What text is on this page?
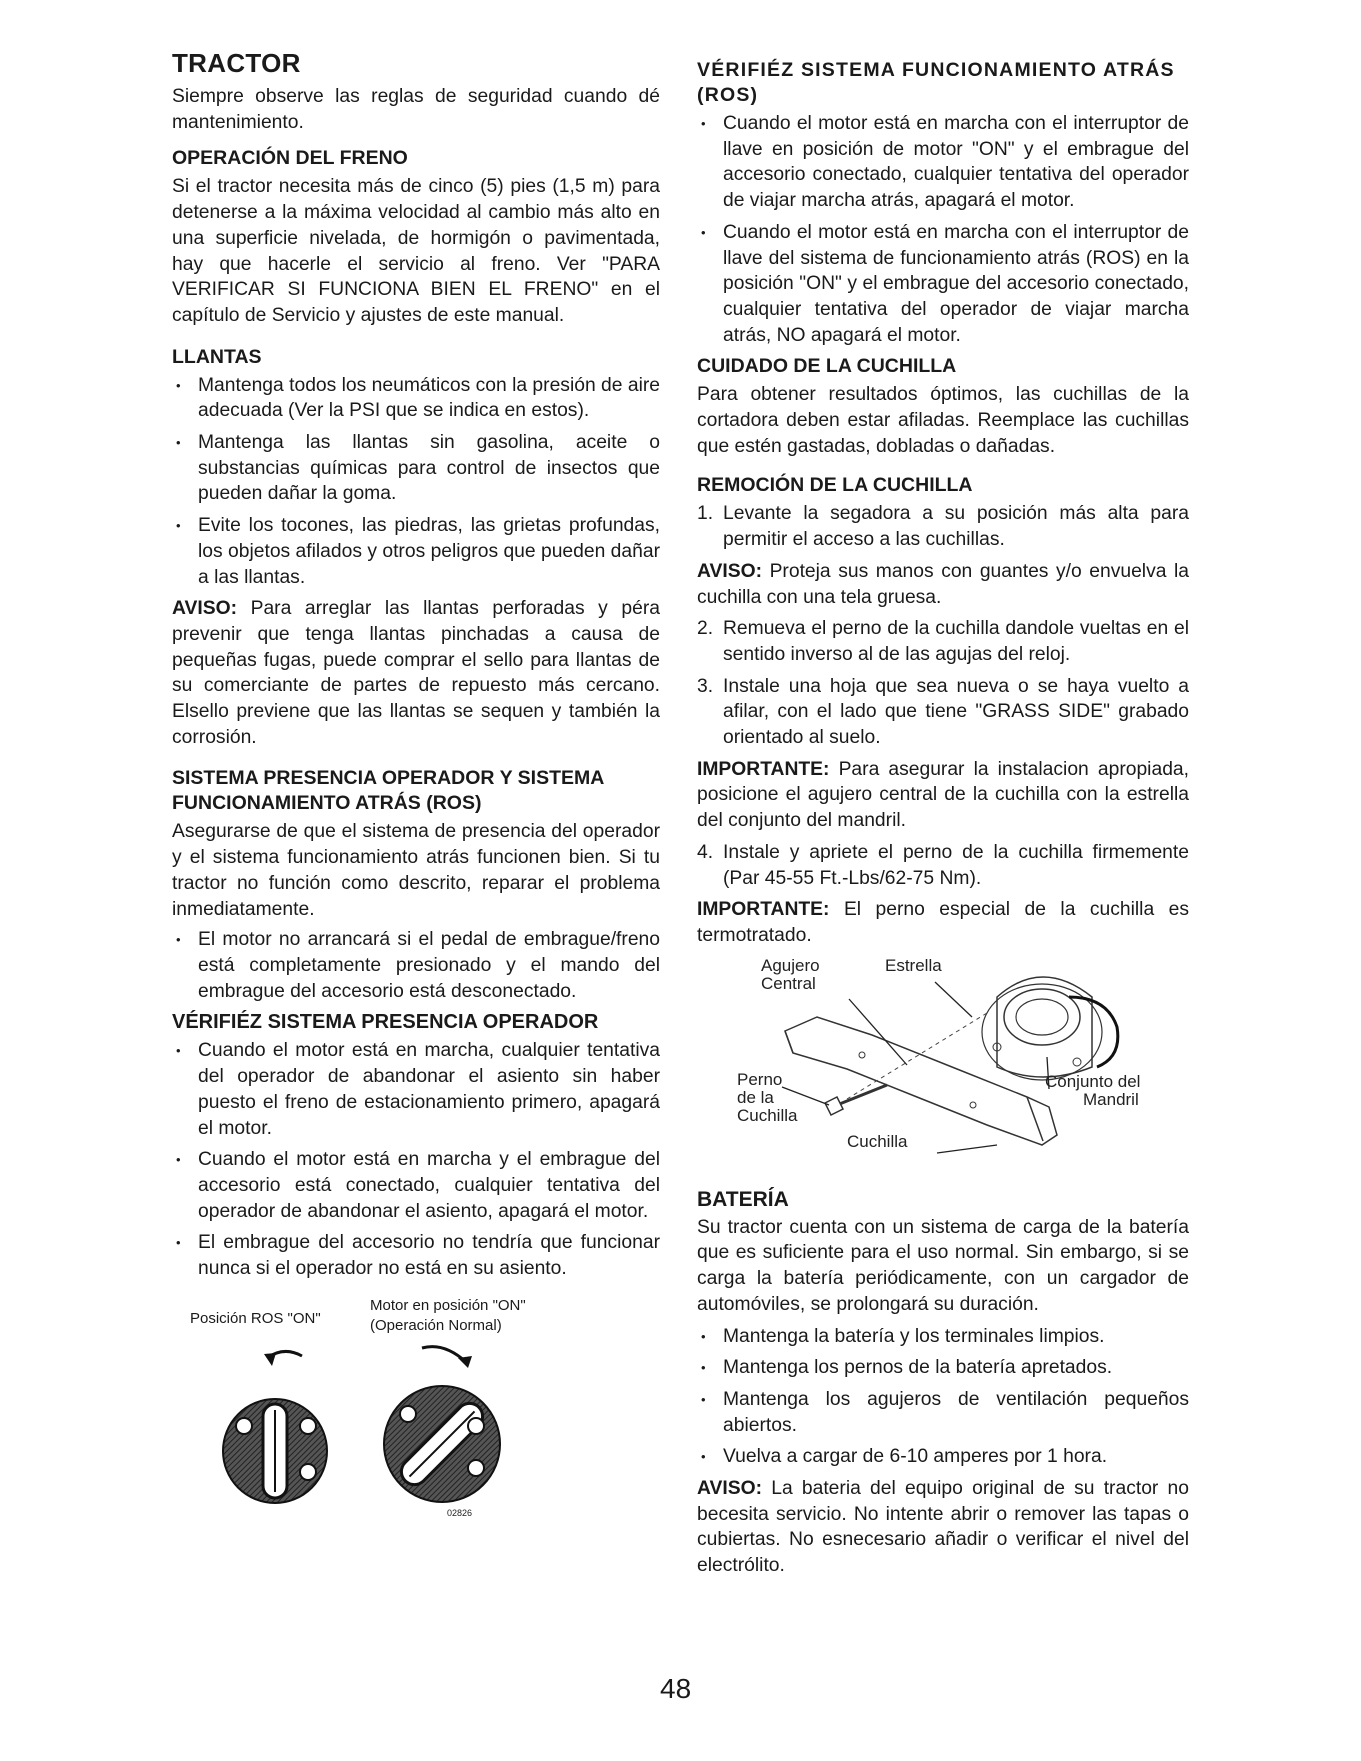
TRACTOR

Siempre observe las reglas de seguridad cuando dé mantenimiento.

OPERACIÓN DEL FRENO

Si el tractor necesita más de cinco (5) pies (1,5 m) para detenerse a la máxima velocidad al cambio más alto en una superficie nivelada, de hormigón o pavimentada, hay que hacerle el servicio al freno. Ver "PARA VERIFICAR SI FUNCIONA BIEN EL FRENO" en el capítulo de Servicio y ajustes de este manual.

LLANTAS
• Mantenga todos los neumáticos con la presión de aire adecuada (Ver la PSI que se indica en estos).
• Mantenga las llantas sin gasolina, aceite o substancias químicas para control de insectos que pueden dañar la goma.
• Evite los tocones, las piedras, las grietas profundas, los objetos afilados y otros peligros que pueden dañar a las llantas.

AVISO: Para arreglar las llantas perforadas y péra prevenir que tenga llantas pinchadas a causa de pequeñas fugas, puede comprar el sello para llantas de su comerciante de partes de repuesto más cercano. Elsello previene que las llantas se sequen y también la corrosión.

SISTEMA PRESENCIA OPERADOR Y SISTEMA FUNCIONAMIENTO ATRÁS (ROS)

Asegurarse de que el sistema de presencia del operador y el sistema funcionamiento atrás funcionen bien. Si tu tractor no función como descrito, reparar el problema inmediatamente.

• El motor no arrancará si el pedal de embrague/freno está completamente presionado y el mando del embrague del accesorio está desconectado.
VÉRIFIÉZ SISTEMA PRESENCIA OPERADOR
• Cuando el motor está en marcha, cualquier tentativa del operador de abandonar el asiento sin haber puesto el freno de estacionamiento primero, apagará el motor.
• Cuando el motor está en marcha y el embrague del accesorio está conectado, cualquier tentativa del operador de abandonar el asiento, apagará el motor.
• El embrague del accesorio no tendría que funcionar nunca si el operador no está en su asiento.
Posición ROS "ON"
Motor en posición "ON"
(Operación Normal)
02826
VÉRIFIÉZ SISTEMA FUNCIONAMIENTO ATRÁS (ROS)
• Cuando el motor está en marcha con el interruptor de llave en posición de motor "ON" y el embrague del accesorio conectado, cualquier tentativa del operador de viajar marcha atrás, apagará el motor.
• Cuando el motor está en marcha con el interruptor de llave del sistema de funcionamiento atrás (ROS) en la posición "ON" y el embrague del accesorio conectado, cualquier tentativa del operador de viajar marcha atrás, NO apagará el motor.
CUIDADO DE LA CUCHILLA

Para obtener resultados óptimos, las cuchillas de la cortadora deben estar afiladas. Reemplace las cuchillas que estén gastadas, dobladas o dañadas.

REMOCIÓN DE LA CUCHILLA
1. Levante la segadora a su posición más alta para permitir el acceso a las cuchillas.

AVISO: Proteja sus manos con guantes y/o envuelva la cuchilla con una tela gruesa.

2. Remueva el perno de la cuchilla dandole vueltas en el sentido inverso al de las agujas del reloj.
3. Instale una hoja que sea nueva o se haya vuelto a afilar, con el lado que tiene "GRASS SIDE" grabado orientado al suelo.

IMPORTANTE: Para asegurar la instalacion apropiada, posicione el agujero central de la cuchilla con la estrella del conjunto del mandril.

4. Instale y apriete el perno de la cuchilla firmemente (Par 45-55 Ft.-Lbs/62-75 Nm).

IMPORTANTE: El perno especial de la cuchilla es termotratado.

Agujero
Central
Estrella
Perno
de la
Cuchilla
Conjunto del
Mandril
Cuchilla
BATERÍA

Su tractor cuenta con un sistema de carga de la batería que es suficiente para el uso normal. Sin embargo, si se carga la batería periódicamente, con un cargador de automóviles, se prolongará su duración.

• Mantenga la batería y los terminales limpios.
• Mantenga los pernos de la batería apretados.
• Mantenga los agujeros de ventilación pequeños abiertos.
• Vuelva a cargar de 6-10 amperes por 1 hora.

AVISO: La bateria del equipo original de su tractor no becesita servicio. No intente abrir o remover las tapas o cubiertas. No esnecesario añadir o verificar el nivel del electrólito.

48
